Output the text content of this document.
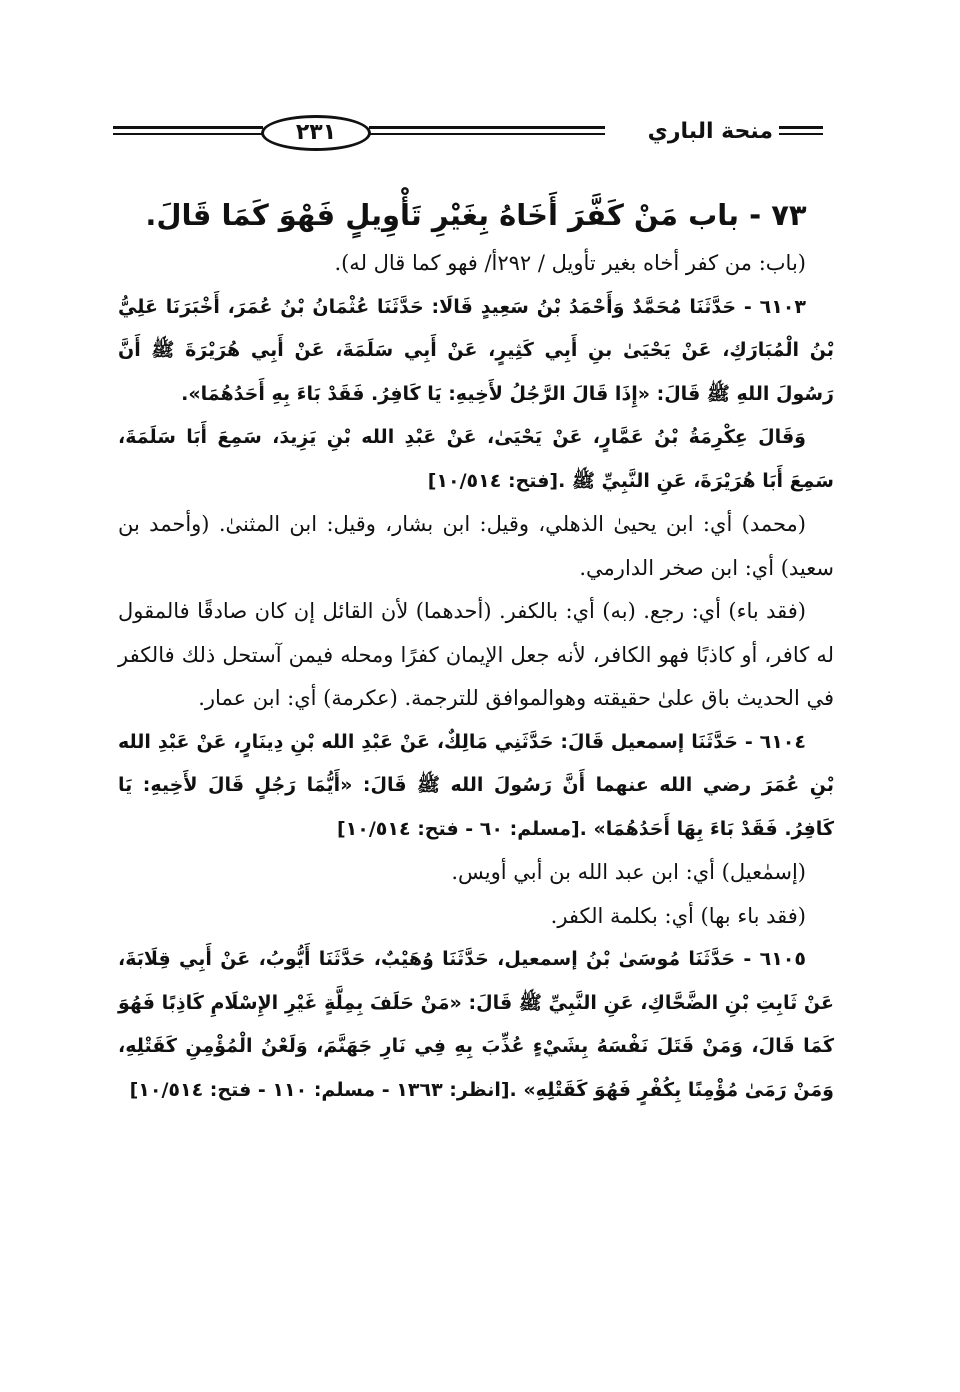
٢٣١	منحة الباري
٧٣ - باب مَنْ كَفَّرَ أَخَاهُ بِغَيْرِ تَأْوِيلٍ فَهْوَ كَمَا قَالَ.

(باب: من كفر أخاه بغير تأويل / ٢٩٢أ/ فهو كما قال له).

٦١٠٣ - حَدَّثَنَا مُحَمَّدٌ وَأَحْمَدُ بْنُ سَعِيدٍ قَالَا: حَدَّثَنَا عُثْمَانُ بْنُ عُمَرَ، أَخْبَرَنَا عَلِيُّ بْنُ الْمُبَارَكِ، عَنْ يَحْيَىٰ بنِ أَبِي كَثِيرٍ، عَنْ أَبِي سَلَمَةَ، عَنْ أَبِي هُرَيْرَةَ ﷺ أَنَّ رَسُولَ اللهِ ﷺ قَالَ: «إِذَا قَالَ الرَّجُلُ لأَخِيهِ: يَا كَافِرُ. فَقَدْ بَاءَ بِهِ أَحَدُهُمَا».

وَقَالَ عِكْرِمَةُ بْنُ عَمَّارٍ، عَنْ يَحْيَىٰ، عَنْ عَبْدِ الله بْنِ يَزِيدَ، سَمِعَ أَبَا سَلَمَةَ، سَمِعَ أَبَا هُرَيْرَةَ، عَنِ النَّبِيِّ ﷺ .[فتح: ١٠/٥١٤]

(محمد) أي: ابن يحيىٰ الذهلي، وقيل: ابن بشار، وقيل: ابن المثنىٰ. (وأحمد بن سعيد) أي: ابن صخر الدارمي.

(فقد باء) أي: رجع. (به) أي: بالكفر. (أحدهما) لأن القائل إن كان صادقًا فالمقول له كافر، أو كاذبًا فهو الكافر، لأنه جعل الإيمان كفرًا ومحله فيمن آستحل ذلك فالكفر في الحديث باق علىٰ حقيقته وهوالموافق للترجمة. (عكرمة) أي: ابن عمار.

٦١٠٤ - حَدَّثَنَا إسمعيل قَالَ: حَدَّثَنِي مَالِكٌ، عَنْ عَبْدِ الله بْنِ دِينَارٍ، عَنْ عَبْدِ الله بْنِ عُمَرَ رضي الله عنهما أَنَّ رَسُولَ الله ﷺ قَالَ: «أَيُّمَا رَجُلٍ قَالَ لأَخِيهِ: يَا كَافِرُ. فَقَدْ بَاءَ بِهَا أَحَدُهُمَا» .[مسلم: ٦٠ - فتح: ١٠/٥١٤]

(إسمٰعيل) أي: ابن عبد الله بن أبي أويس.

(فقد باء بها) أي: بكلمة الكفر.

٦١٠٥ - حَدَّثَنَا مُوسَىٰ بْنُ إسمعيل، حَدَّثَنَا وُهَيْبٌ، حَدَّثَنَا أَيُّوبُ، عَنْ أَبِي قِلَابَةَ، عَنْ ثَابِتِ بْنِ الضَّحَّاكِ، عَنِ النَّبِيِّ ﷺ قَالَ: «مَنْ حَلَفَ بِمِلَّةٍ غَيْرِ الإِسْلَامِ كَاذِبًا فَهُوَ كَمَا قَالَ، وَمَنْ قَتَلَ نَفْسَهُ بِشَيْءٍ عُذِّبَ بِهِ فِي نَارِ جَهَنَّمَ، وَلَعْنُ الْمُؤْمِنِ كَقَتْلِهِ، وَمَنْ رَمَىٰ مُؤْمِنًا بِكُفْرٍ فَهُوَ كَقَتْلِهِ» .[انظر: ١٣٦٣ - مسلم: ١١٠ - فتح: ١٠/٥١٤]
